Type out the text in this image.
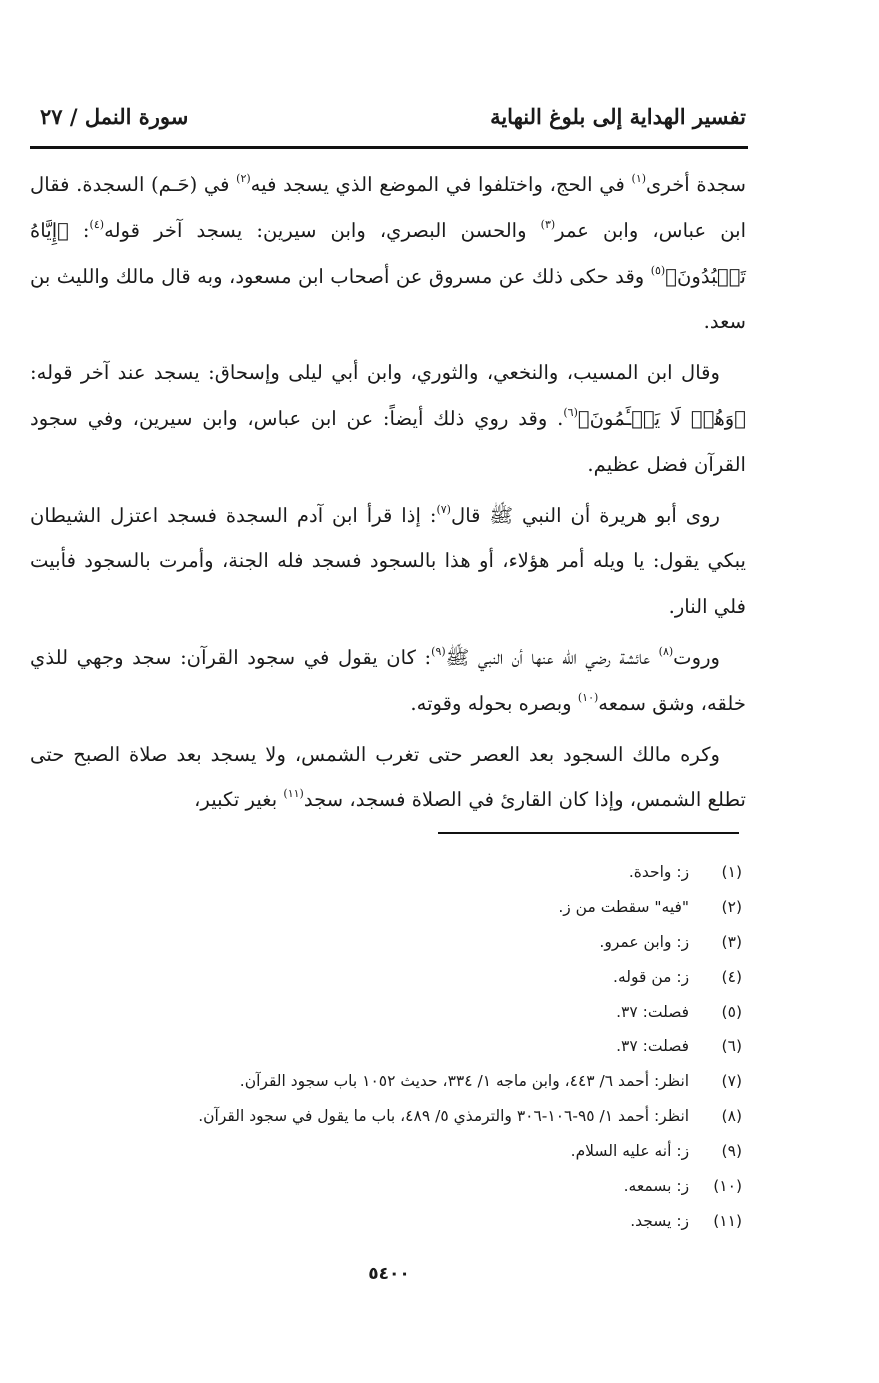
تفسير الهداية إلى بلوغ النهاية
سورة النمل / ٢٧

سجدة أخرى$^{(١)}$ في الحج، واختلفوا في الموضع الذي يسجد فيه$^{(٢)}$ في (حَـم) السجدة. فقال ابن عباس، وابن عمر$^{(٣)}$ والحسن البصري، وابن سيرين: يسجد آخر قوله$^{(٤)}$: ﴿إِيَّاهُ تَعۡبُدُونَ﴾$^{(٥)}$ وقد حكى ذلك عن مسروق عن أصحاب ابن مسعود، وبه قال مالك والليث بن سعد.

وقال ابن المسيب، والنخعي، والثوري، وابن أبي ليلى وإسحاق: يسجد عند آخر قوله: ﴿وَهُمۡ لَا يَسۡـَٔمُونَ﴾$^{(٦)}$. وقد روي ذلك أيضاً: عن ابن عباس، وابن سيرين، وفي سجود القرآن فضل عظيم.

روى أبو هريرة أن النبي ﷺ قال$^{(٧)}$: إذا قرأ ابن آدم السجدة فسجد اعتزل الشيطان يبكي يقول: يا ويله أمر هؤلاء، أو هذا بالسجود فسجد فله الجنة، وأمرت بالسجود فأبيت فلي النار.

وروت$^{(٨)}$ عائشة رضي الله عنها أن النبي ﷺ$^{(٩)}$: كان يقول في سجود القرآن: سجد وجهي للذي خلقه، وشق سمعه$^{(١٠)}$ وبصره بحوله وقوته.

وكره مالك السجود بعد العصر حتى تغرب الشمس، ولا يسجد بعد صلاة الصبح حتى تطلع الشمس، وإذا كان القارئ في الصلاة فسجد، سجد$^{(١١)}$ بغير تكبير،

(١) ز: واحدة.
(٢) "فيه" سقطت من ز.
(٣) ز: وابن عمرو.
(٤) ز: من قوله.
(٥) فصلت: ٣٧.
(٦) فصلت: ٣٧.
(٧) انظر: أحمد ٦/ ٤٤٣، وابن ماجه ١/ ٣٣٤، حديث ١٠٥٢ باب سجود القرآن.
(٨) انظر: أحمد ١/ ٩٥-١٠٦-٣٠٦ والترمذي ٥/ ٤٨٩، باب ما يقول في سجود القرآن.
(٩) ز: أنه عليه السلام.
(١٠) ز: بسمعه.
(١١) ز: يسجد.
٥٤٠٠
